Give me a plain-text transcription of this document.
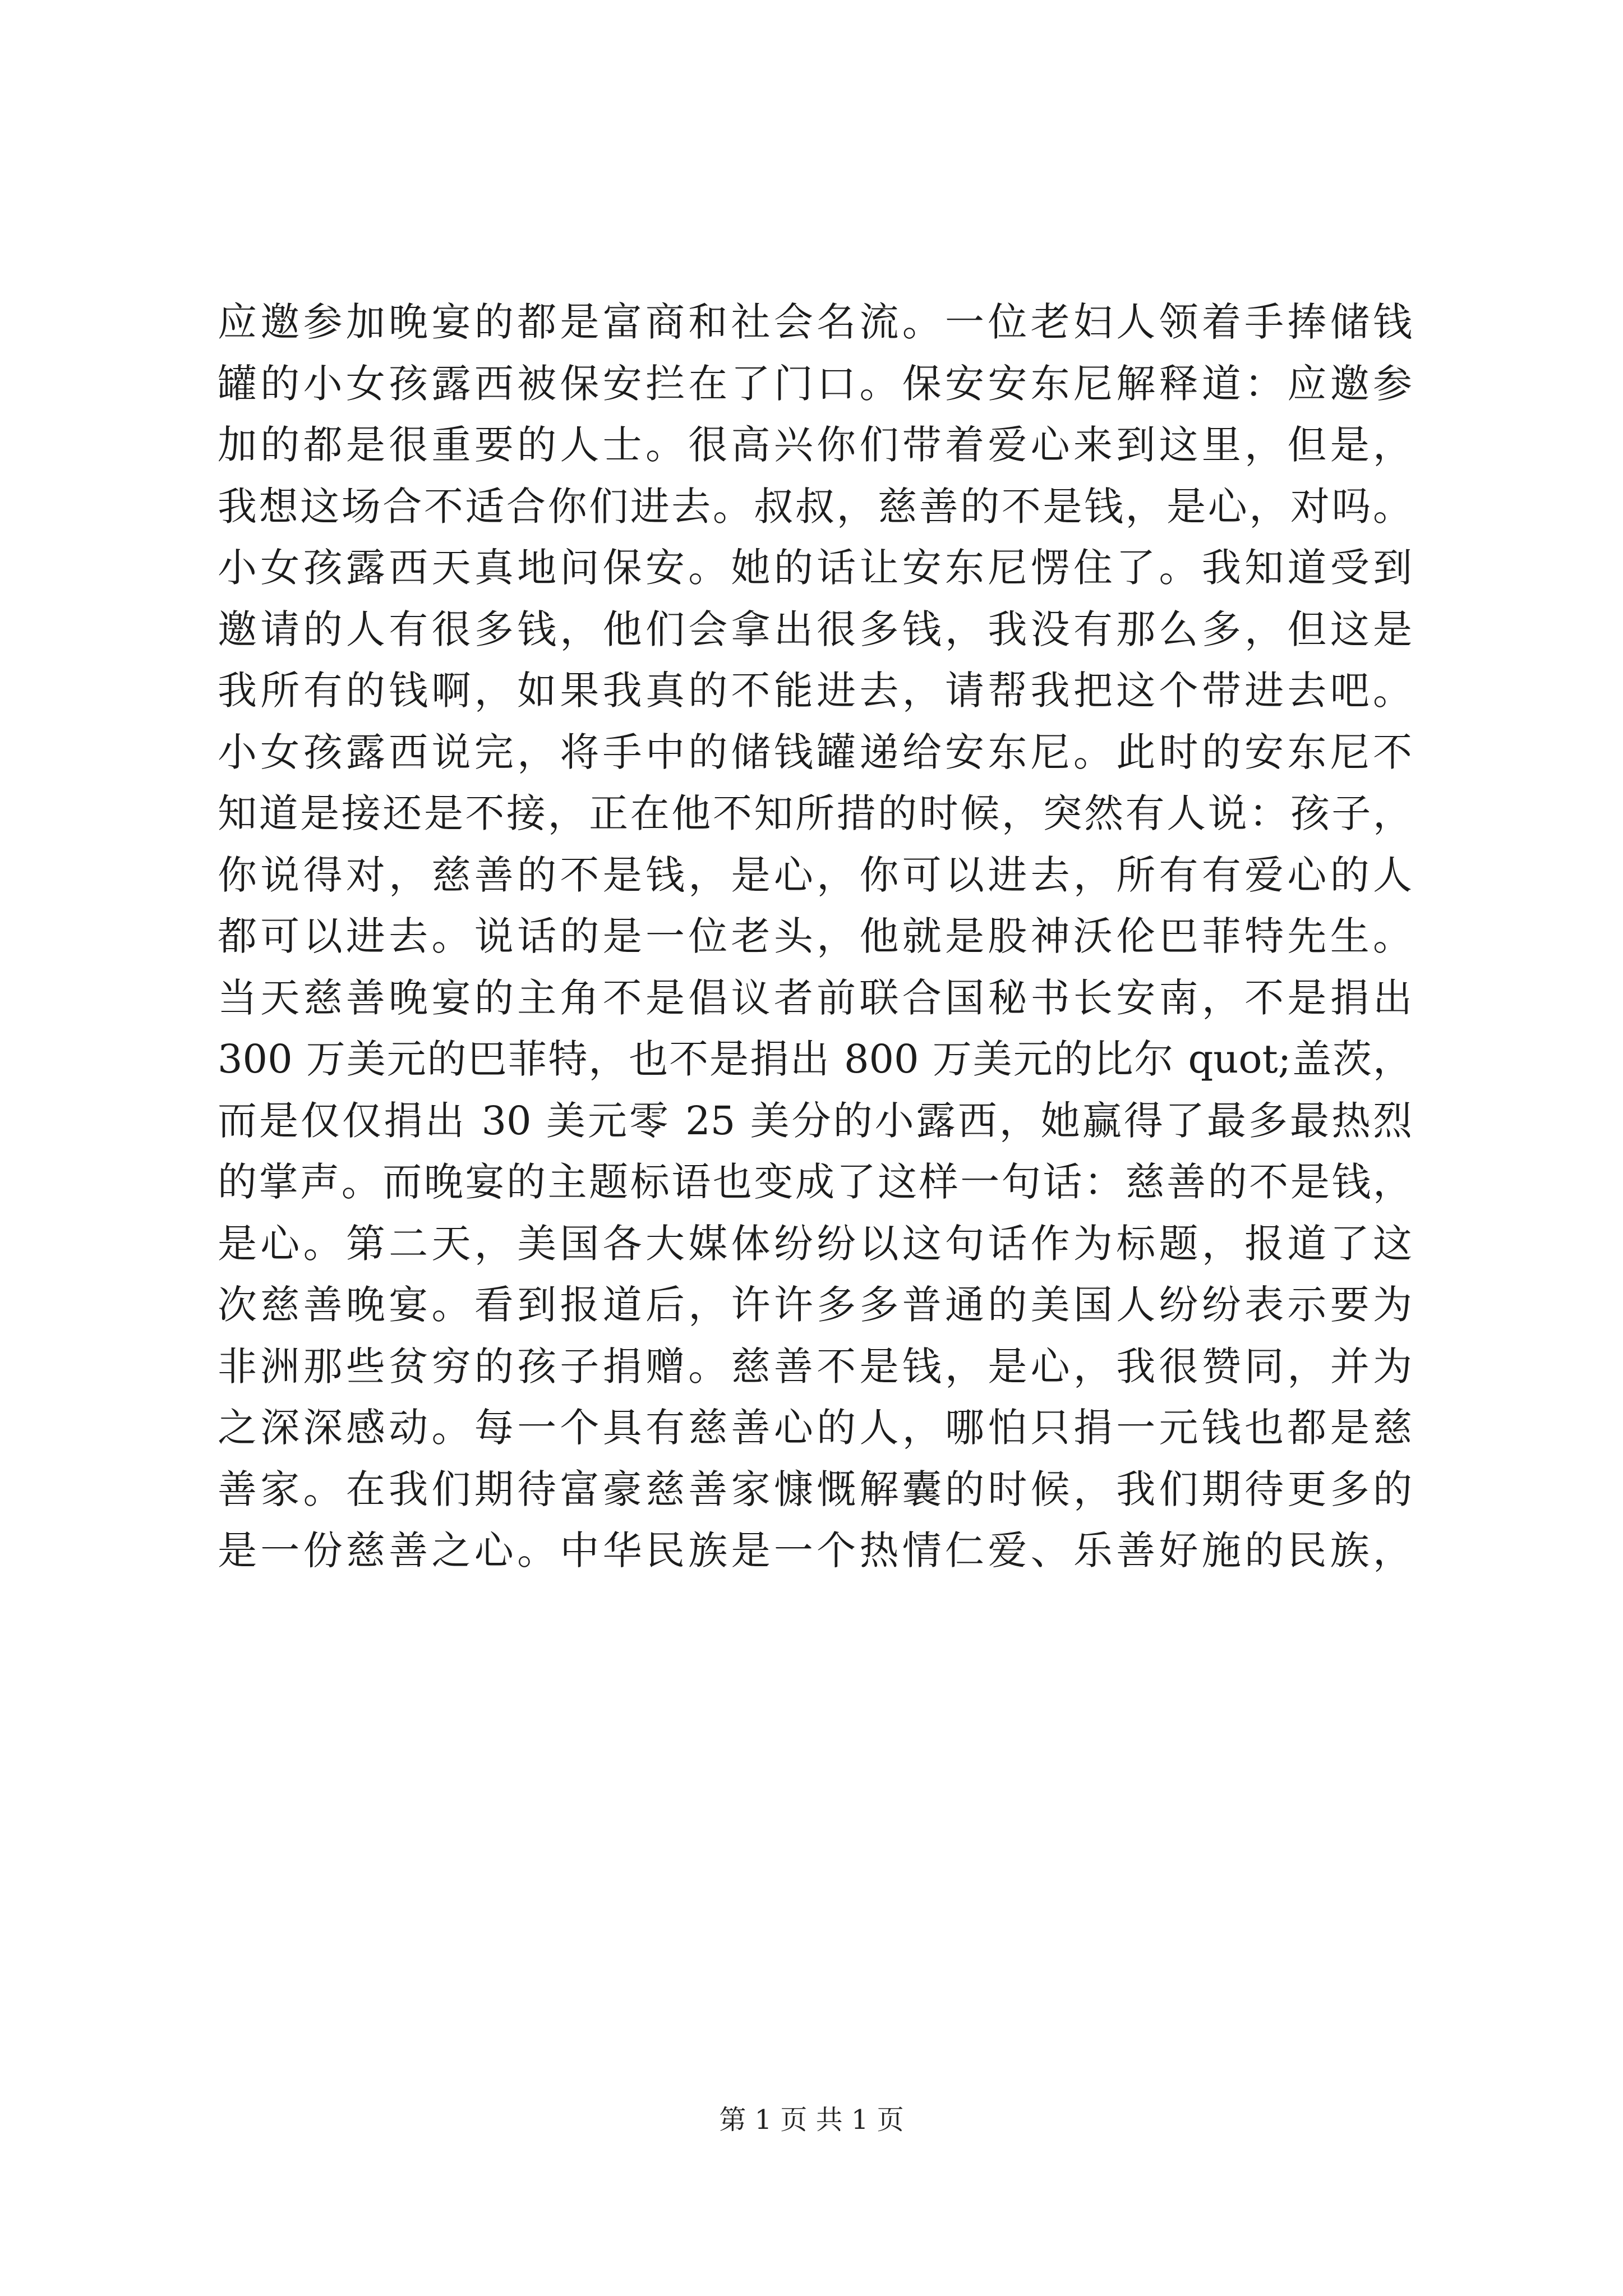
应邀参加晚宴的都是富商和社会名流。一位老妇人领着手捧储钱
罐的小女孩露西被保安拦在了门口。保安安东尼解释道：应邀参
加的都是很重要的人士。很高兴你们带着爱心来到这里，但是，
我想这场合不适合你们进去。叔叔，慈善的不是钱，是心，对吗。
小女孩露西天真地问保安。她的话让安东尼愣住了。我知道受到
邀请的人有很多钱，他们会拿出很多钱，我没有那么多，但这是
我所有的钱啊，如果我真的不能进去，请帮我把这个带进去吧。
小女孩露西说完，将手中的储钱罐递给安东尼。此时的安东尼不
知道是接还是不接，正在他不知所措的时候，突然有人说：孩子，
你说得对，慈善的不是钱，是心，你可以进去，所有有爱心的人
都可以进去。说话的是一位老头，他就是股神沃伦巴菲特先生。
当天慈善晚宴的主角不是倡议者前联合国秘书长安南，不是捐出
300 万美元的巴菲特，也不是捐出 800 万美元的比尔 quot;盖茨，
而是仅仅捐出 30 美元零 25 美分的小露西，她赢得了最多最热烈
的掌声。而晚宴的主题标语也变成了这样一句话：慈善的不是钱，
是心。第二天，美国各大媒体纷纷以这句话作为标题，报道了这
次慈善晚宴。看到报道后，许许多多普通的美国人纷纷表示要为
非洲那些贫穷的孩子捐赠。慈善不是钱，是心，我很赞同，并为
之深深感动。每一个具有慈善心的人，哪怕只捐一元钱也都是慈
善家。在我们期待富豪慈善家慷慨解囊的时候，我们期待更多的
是一份慈善之心。中华民族是一个热情仁爱、乐善好施的民族，
第 1 页 共 1 页
